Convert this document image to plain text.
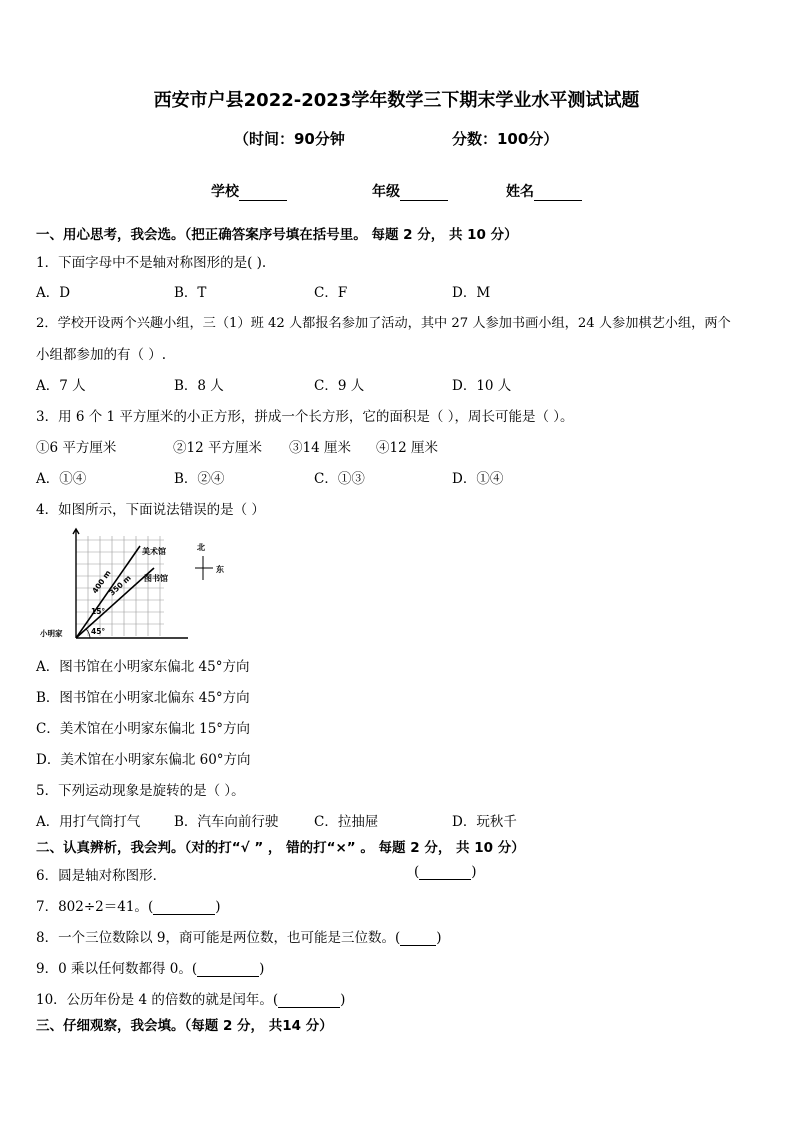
西安市户县2022-2023学年数学三下期末学业水平测试试题
（时间：90分钟	分数：100分）
学校	年级	姓名
一、用心思考，我会选。（把正确答案序号填在括号里。 每题 2 分， 共 10 分）
1．下面字母中不是轴对称图形的是( ).
A．D	B．T	C．F	D．M
2．学校开设两个兴趣小组，三（1）班 42 人都报名参加了活动，其中 27 人参加书画小组，24 人参加棋艺小组，两个
小组都参加的有（ ）.
A．7 人	B．8 人	C．9 人	D．10 人
3．用 6 个 1 平方厘米的小正方形，拼成一个长方形，它的面积是（ ），周长可能是（ ）。
①6 平方厘米	②12 平方厘米 ③14 厘米 ④12 厘米
A．①④	B．②④	C．①③	D．①④
4．如图所示，下面说法错误的是（ ）
美术馆
图书馆
小明家
400 m
350 m
15°
45°
北
东
A．图书馆在小明家东偏北 45°方向
B．图书馆在小明家北偏东 45°方向
C．美术馆在小明家东偏北 15°方向
D．美术馆在小明家东偏北 60°方向
5．下列运动现象是旋转的是（ ）。
A．用打气筒打气	B．汽车向前行驶	C．拉抽屉	D．玩秋千
二、认真辨析，我会判。（对的打“√ ” ， 错的打“×” 。 每题 2 分， 共 10 分）
6．圆是轴对称图形．	(	)
7．802÷2＝41。(	)
8．一个三位数除以 9，商可能是两位数，也可能是三位数。(	)
9．0 乘以任何数都得 0。(	)
10．公历年份是 4 的倍数的就是闰年。(	)
三、仔细观察，我会填。（每题 2 分， 共14 分）
